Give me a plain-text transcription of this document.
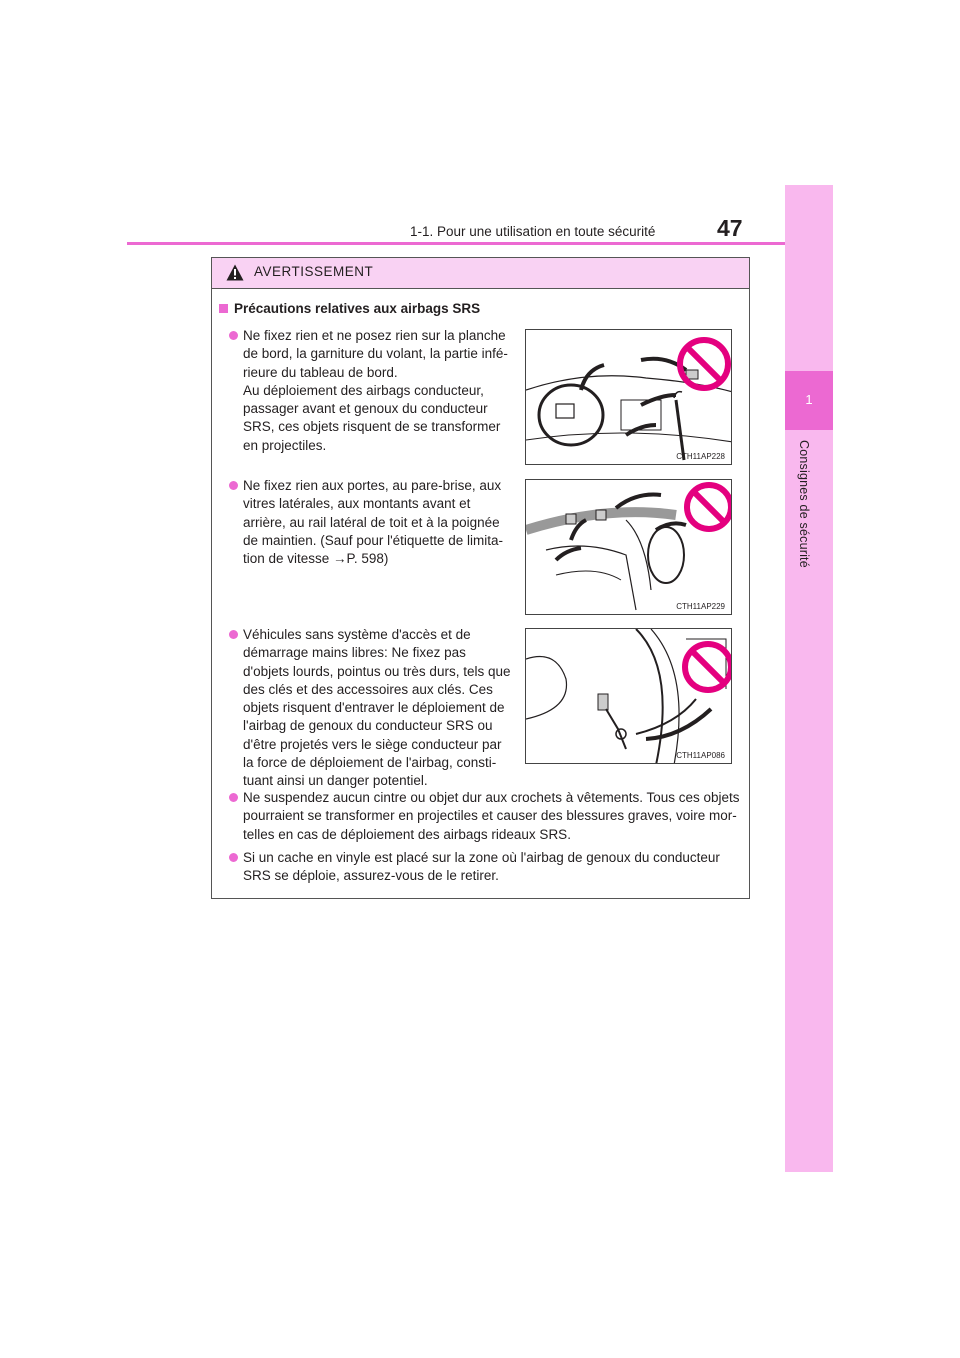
1
Consignes de sécurité
1-1. Pour une utilisation en toute sécurité	47
AVERTISSEMENT
Précautions relatives aux airbags SRS
Ne fixez rien et ne posez rien sur la planche
de bord, la garniture du volant, la partie infé-
rieure du tableau de bord.
Au déploiement des airbags conducteur,
passager avant et genoux du conducteur
SRS, ces objets risquent de se transformer
en projectiles.
CTH11AP228
Ne fixez rien aux portes, au pare-brise, aux
vitres latérales, aux montants avant et
arrière, au rail latéral de toit et à la poignée
de maintien. (Sauf pour l'étiquette de limita-
tion de vitesse →P. 598)
CTH11AP229
Véhicules sans système d'accès et de
démarrage mains libres: Ne fixez pas
d'objets lourds, pointus ou très durs, tels que
des clés et des accessoires aux clés. Ces
objets risquent d'entraver le déploiement de
l'airbag de genoux du conducteur SRS ou
d'être projetés vers le siège conducteur par
la force de déploiement de l'airbag, consti-
tuant ainsi un danger potentiel.
CTH11AP086
Ne suspendez aucun cintre ou objet dur aux crochets à vêtements. Tous ces objets
pourraient se transformer en projectiles et causer des blessures graves, voire mor-
telles en cas de déploiement des airbags rideaux SRS.
Si un cache en vinyle est placé sur la zone où l'airbag de genoux du conducteur
SRS se déploie, assurez-vous de le retirer.
